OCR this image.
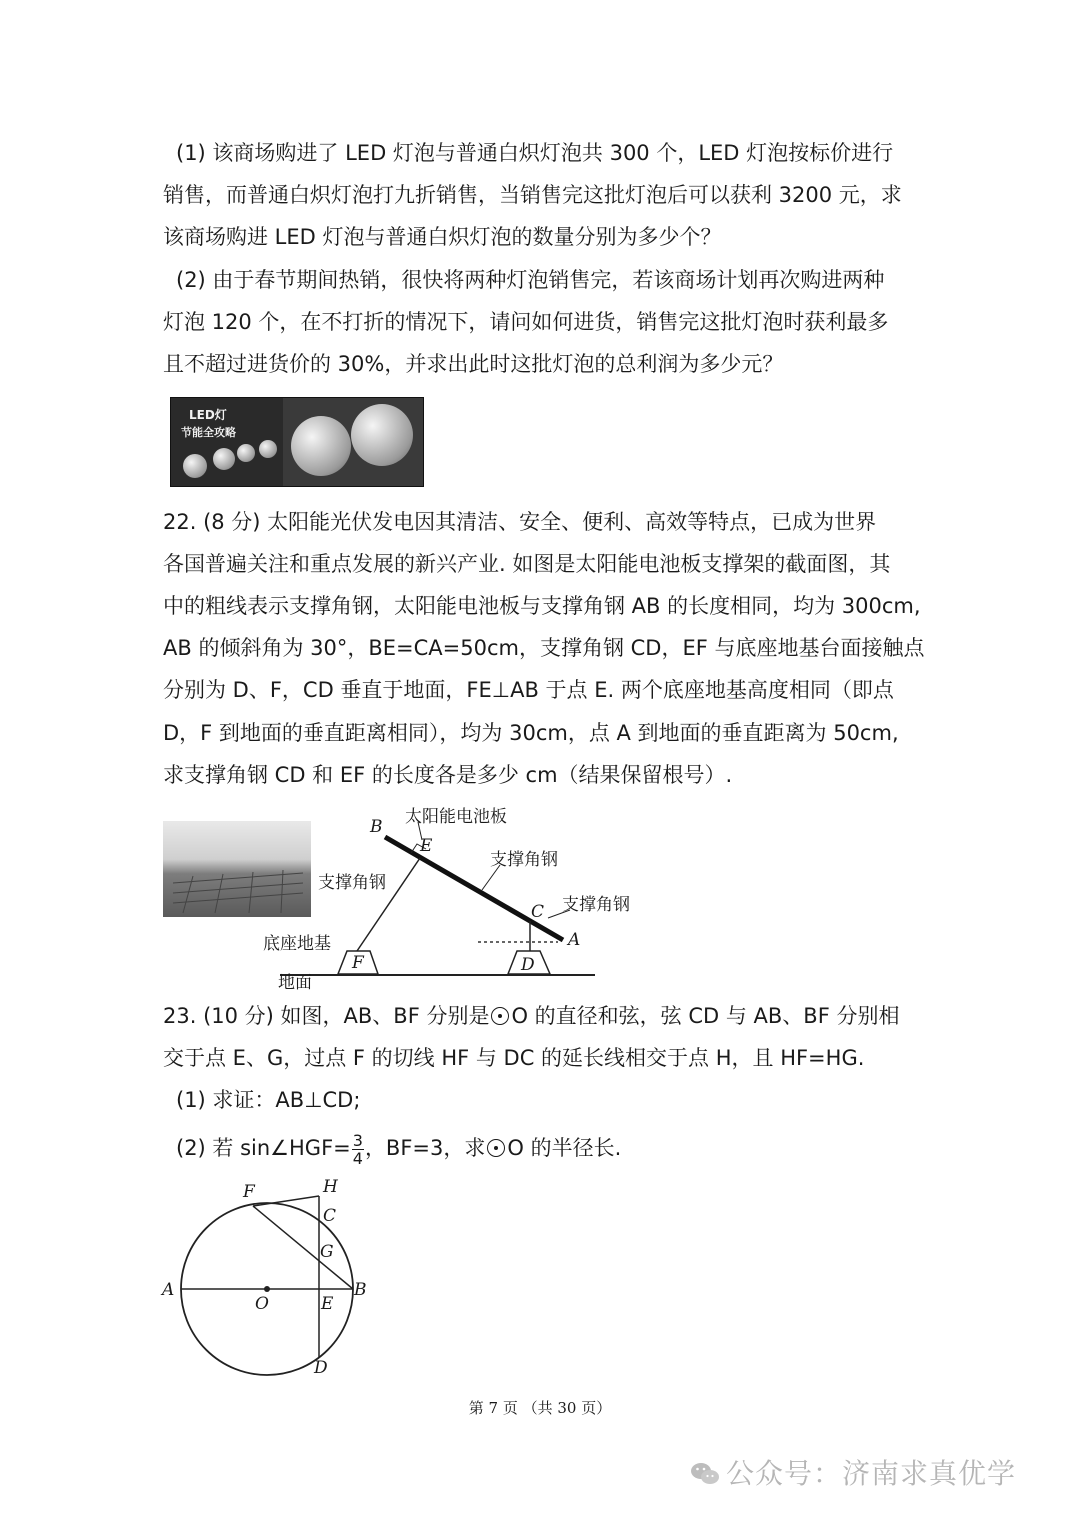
(1) 该商场购进了 LED 灯泡与普通白炽灯泡共 300 个，LED 灯泡按标价进行
销售，而普通白炽灯泡打九折销售，当销售完这批灯泡后可以获利 3200 元，求
该商场购进 LED 灯泡与普通白炽灯泡的数量分别为多少个？
(2) 由于春节期间热销，很快将两种灯泡销售完，若该商场计划再次购进两种
灯泡 120 个，在不打折的情况下，请问如何进货，销售完这批灯泡时获利最多
且不超过进货价的 30%，并求出此时这批灯泡的总利润为多少元？
LED灯
节能全攻略
22. (8 分) 太阳能光伏发电因其清洁、安全、便利、高效等特点，已成为世界
各国普遍关注和重点发展的新兴产业. 如图是太阳能电池板支撑架的截面图，其
中的粗线表示支撑角钢，太阳能电池板与支撑角钢 AB 的长度相同，均为 300cm,
AB 的倾斜角为 30°，BE=CA=50cm，支撑角钢 CD，EF 与底座地基台面接触点
分别为 D、F，CD 垂直于地面，FE⊥AB 于点 E. 两个底座地基高度相同（即点
D，F 到地面的垂直距离相同），均为 30cm，点 A 到地面的垂直距离为 50cm,
求支撑角钢 CD 和 EF 的长度各是多少 cm（结果保留根号）.
太阳能电池板
支撑角钢
支撑角钢
支撑角钢
底座地基
地面
B
E
C
A
F	D
23. (10 分) 如图，AB、BF 分别是 O 的直径和弦，弦 CD 与 AB、BF 分别相
交于点 E、G，过点 F 的切线 HF 与 DC 的延长线相交于点 H，且 HF=HG.
(1) 求证：AB⊥CD;
(2) 若 sin∠HGF= $\frac{3}{4}$ ，BF=3，求 O 的半径长.
F	H
C
G
A
O	E
B
D
第 7 页 （共 30 页）
公众号：济南求真优学
